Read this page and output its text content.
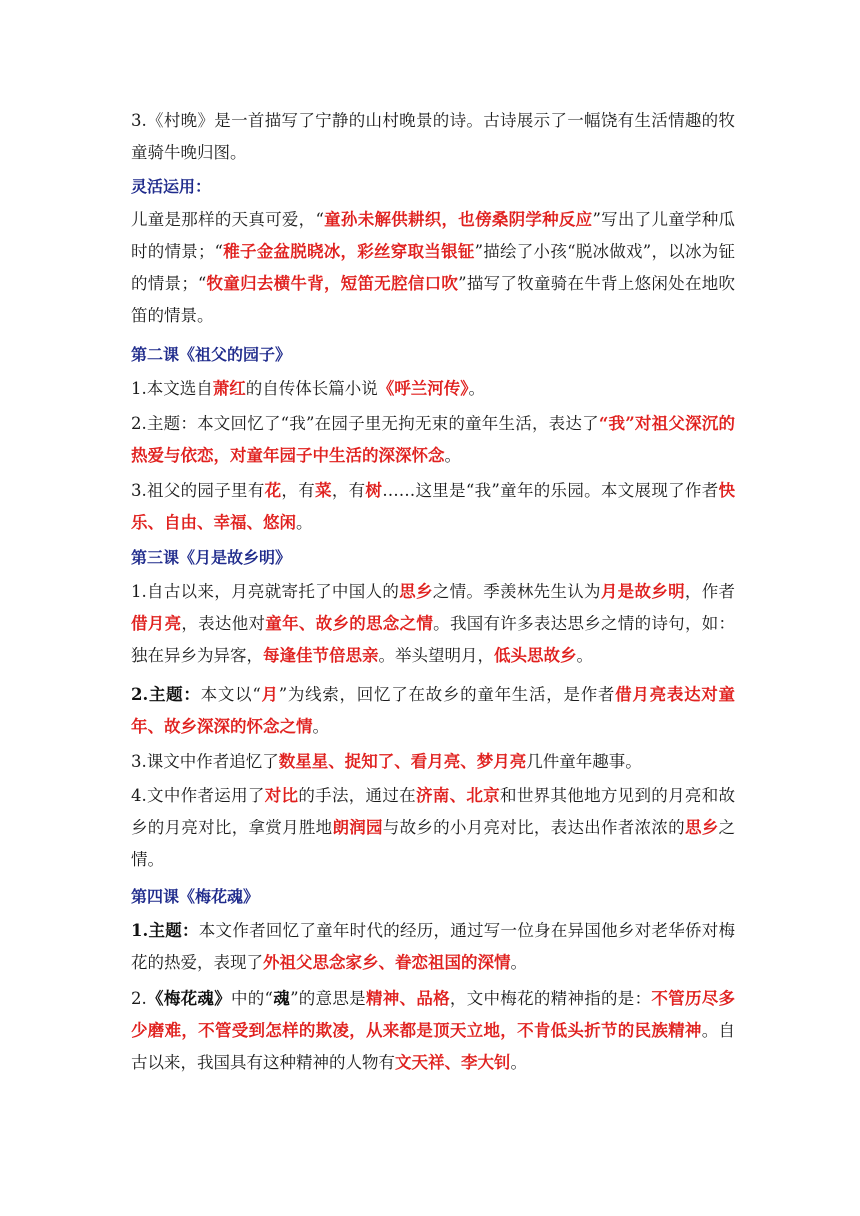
3.《村晚》是一首描写了宁静的山村晚景的诗。古诗展示了一幅饶有生活情趣的牧童骑牛晚归图。

灵活运用：

儿童是那样的天真可爱，“童孙未解供耕织，也傍桑阴学种反应”写出了儿童学种瓜时的情景；“稚子金盆脱晓冰，彩丝穿取当银钲”描绘了小孩“脱冰做戏”，以冰为钲的情景；“牧童归去横牛背，短笛无腔信口吹”描写了牧童骑在牛背上悠闲处在地吹笛的情景。

第二课《祖父的园子》

1.本文选自萧红的自传体长篇小说《呼兰河传》。

2.主题：本文回忆了“我”在园子里无拘无束的童年生活，表达了“我”对祖父深沉的热爱与依恋，对童年园子中生活的深深怀念。

3.祖父的园子里有花，有菜，有树……这里是“我”童年的乐园。本文展现了作者快乐、自由、幸福、悠闲。

第三课《月是故乡明》

1.自古以来，月亮就寄托了中国人的思乡之情。季羡林先生认为月是故乡明，作者借月亮，表达他对童年、故乡的思念之情。我国有许多表达思乡之情的诗句，如：独在异乡为异客，每逢佳节倍思亲。举头望明月，低头思故乡。

2.主题：本文以“月”为线索，回忆了在故乡的童年生活，是作者借月亮表达对童年、故乡深深的怀念之情。

3.课文中作者追忆了数星星、捉知了、看月亮、梦月亮几件童年趣事。

4.文中作者运用了对比的手法，通过在济南、北京和世界其他地方见到的月亮和故乡的月亮对比，拿赏月胜地朗润园与故乡的小月亮对比，表达出作者浓浓的思乡之情。

第四课《梅花魂》

1.主题：本文作者回忆了童年时代的经历，通过写一位身在异国他乡对老华侨对梅花的热爱，表现了外祖父思念家乡、眷恋祖国的深情。

2.《梅花魂》中的“魂”的意思是精神、品格，文中梅花的精神指的是：不管历尽多少磨难，不管受到怎样的欺凌，从来都是顶天立地，不肯低头折节的民族精神。自古以来，我国具有这种精神的人物有文天祥、李大钊。
